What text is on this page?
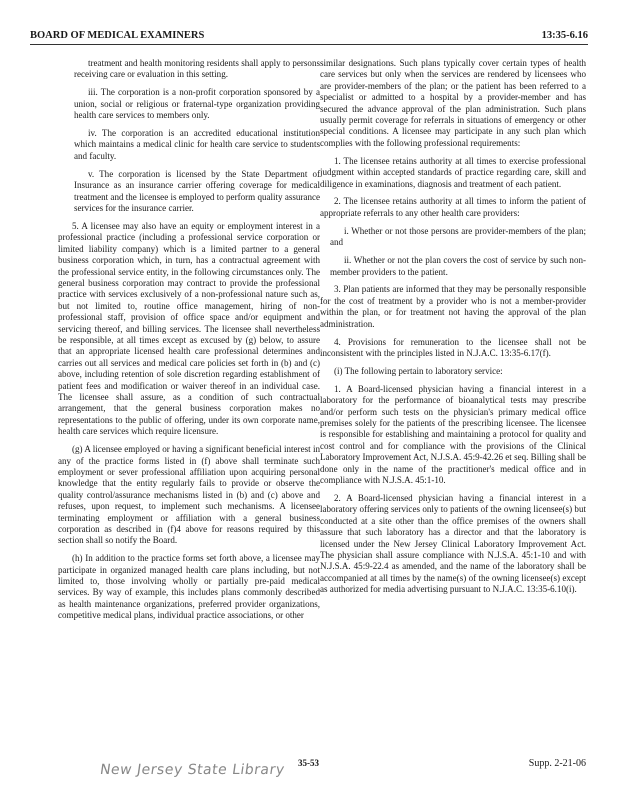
BOARD OF MEDICAL EXAMINERS	13:35-6.16

treatment and health monitoring residents shall apply to persons receiving care or evaluation in this setting.

iii. The corporation is a non-profit corporation sponsored by a union, social or religious or fraternal-type organization providing health care services to members only.

iv. The corporation is an accredited educational institution which maintains a medical clinic for health care service to students and faculty.

v. The corporation is licensed by the State Department of Insurance as an insurance carrier offering coverage for medical treatment and the licensee is employed to perform quality assurance services for the insurance carrier.

5. A licensee may also have an equity or employment interest in a professional practice (including a professional service corporation or limited liability company) which is a limited partner to a general business corporation which, in turn, has a contractual agreement with the professional service entity, in the following circumstances only. The general business corporation may contract to provide the professional practice with services exclusively of a non-professional nature such as, but not limited to, routine office management, hiring of non-professional staff, provision of office space and/or equipment and servicing thereof, and billing services. The licensee shall nevertheless be responsible, at all times except as excused by (g) below, to assure that an appropriate licensed health care professional determines and carries out all services and medical care policies set forth in (b) and (c) above, including retention of sole discretion regarding establishment of patient fees and modification or waiver thereof in an individual case. The licensee shall assure, as a condition of such contractual arrangement, that the general business corporation makes no representations to the public of offering, under its own corporate name, health care services which require licensure.

(g) A licensee employed or having a significant beneficial interest in any of the practice forms listed in (f) above shall terminate such employment or sever professional affiliation upon acquiring personal knowledge that the entity regularly fails to provide or observe the quality control/assurance mechanisms listed in (b) and (c) above and refuses, upon request, to implement such mechanisms. A licensee terminating employment or affiliation with a general business corporation as described in (f)4 above for reasons required by this section shall so notify the Board.

(h) In addition to the practice forms set forth above, a licensee may participate in organized managed health care plans including, but not limited to, those involving wholly or partially pre-paid medical services. By way of example, this includes plans commonly described as health maintenance organizations, preferred provider organizations, competitive medical plans, individual practice associations, or other

similar designations. Such plans typically cover certain types of health care services but only when the services are rendered by licensees who are provider-members of the plan; or the patient has been referred to a specialist or admitted to a hospital by a provider-member and has secured the advance approval of the plan administration. Such plans usually permit coverage for referrals in situations of emergency or other special conditions. A licensee may participate in any such plan which complies with the following professional requirements:

1. The licensee retains authority at all times to exercise professional judgment within accepted standards of practice regarding care, skill and diligence in examinations, diagnosis and treatment of each patient.

2. The licensee retains authority at all times to inform the patient of appropriate referrals to any other health care providers:

i. Whether or not those persons are provider-members of the plan; and

ii. Whether or not the plan covers the cost of service by such non-member providers to the patient.

3. Plan patients are informed that they may be personally responsible for the cost of treatment by a provider who is not a member-provider within the plan, or for treatment not having the approval of the plan administration.

4. Provisions for remuneration to the licensee shall not be inconsistent with the principles listed in N.J.A.C. 13:35-6.17(f).

(i) The following pertain to laboratory service:

1. A Board-licensed physician having a financial interest in a laboratory for the performance of bioanalytical tests may prescribe and/or perform such tests on the physician's primary medical office premises solely for the patients of the prescribing licensee. The licensee is responsible for establishing and maintaining a protocol for quality and cost control and for compliance with the provisions of the Clinical Laboratory Improvement Act, N.J.S.A. 45:9-42.26 et seq. Billing shall be done only in the name of the practitioner's medical office and in compliance with N.J.S.A. 45:1-10.

2. A Board-licensed physician having a financial interest in a laboratory offering services only to patients of the owning licensee(s) but conducted at a site other than the office premises of the owners shall assure that such laboratory has a director and that the laboratory is licensed under the New Jersey Clinical Laboratory Improvement Act. The physician shall assure compliance with N.J.S.A. 45:1-10 and with N.J.S.A. 45:9-22.4 as amended, and the name of the laboratory shall be accompanied at all times by the name(s) of the owning licensee(s) except as authorized for media advertising pursuant to N.J.A.C. 13:35-6.10(i).

New Jersey State Library 35-53	Supp. 2-21-06
